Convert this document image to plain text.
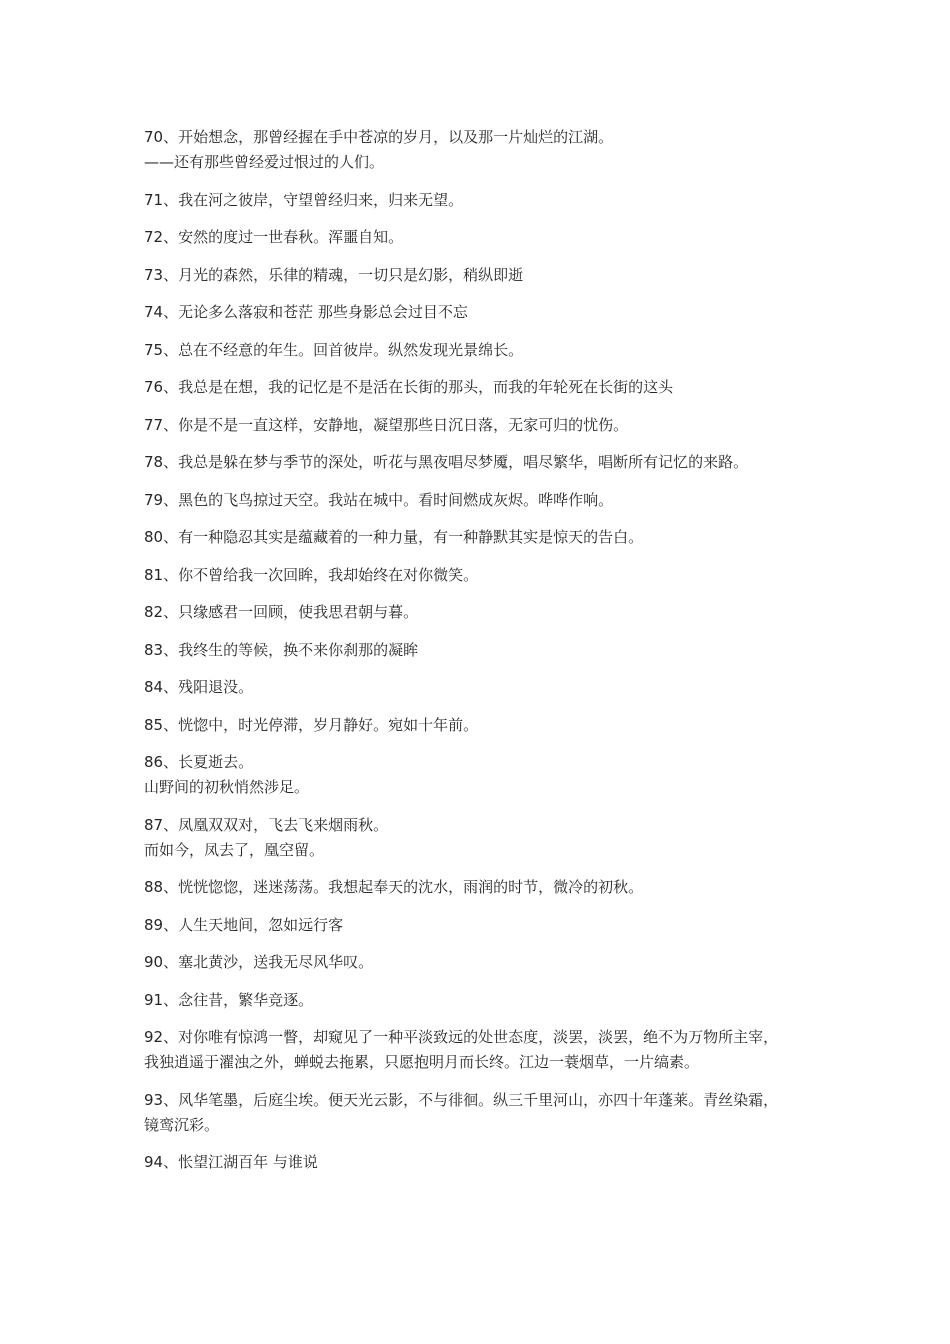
70、开始想念，那曾经握在手中苍凉的岁月，以及那一片灿烂的江湖。
——还有那些曾经爱过恨过的人们。
71、我在河之彼岸，守望曾经归来，归来无望。
72、安然的度过一世春秋。浑噩自知。
73、月光的森然，乐律的精魂，一切只是幻影，稍纵即逝
74、无论多么落寂和苍茫 那些身影总会过目不忘
75、总在不经意的年生。回首彼岸。纵然发现光景绵长。
76、我总是在想，我的记忆是不是活在长街的那头，而我的年轮死在长街的这头
77、你是不是一直这样，安静地，凝望那些日沉日落，无家可归的忧伤。
78、我总是躲在梦与季节的深处，听花与黑夜唱尽梦魇，唱尽繁华，唱断所有记忆的来路。
79、黑色的飞鸟掠过天空。我站在城中。看时间燃成灰烬。哗哗作响。
80、有一种隐忍其实是蕴藏着的一种力量，有一种静默其实是惊天的告白。
81、你不曾给我一次回眸，我却始终在对你微笑。
82、只缘感君一回顾，使我思君朝与暮。
83、我终生的等候，换不来你刹那的凝眸
84、残阳退没。
85、恍惚中，时光停滞，岁月静好。宛如十年前。
86、长夏逝去。
山野间的初秋悄然涉足。
87、凤凰双双对，飞去飞来烟雨秋。
而如今，凤去了，凰空留。
88、恍恍惚惚，迷迷荡荡。我想起奉天的沈水，雨润的时节，微冷的初秋。
89、人生天地间，忽如远行客
90、塞北黄沙，送我无尽风华叹。
91、念往昔，繁华竞逐。
92、对你唯有惊鸿一瞥，却窥见了一种平淡致远的处世态度，淡罢，淡罢，绝不为万物所主宰，
我独逍遥于濯浊之外，蝉蜕去拖累，只愿抱明月而长终。江边一蓑烟草，一片缟素。
93、风华笔墨，后庭尘埃。便天光云影，不与徘徊。纵三千里河山，亦四十年蓬莱。青丝染霜，
镜鸾沉彩。
94、怅望江湖百年 与谁说
